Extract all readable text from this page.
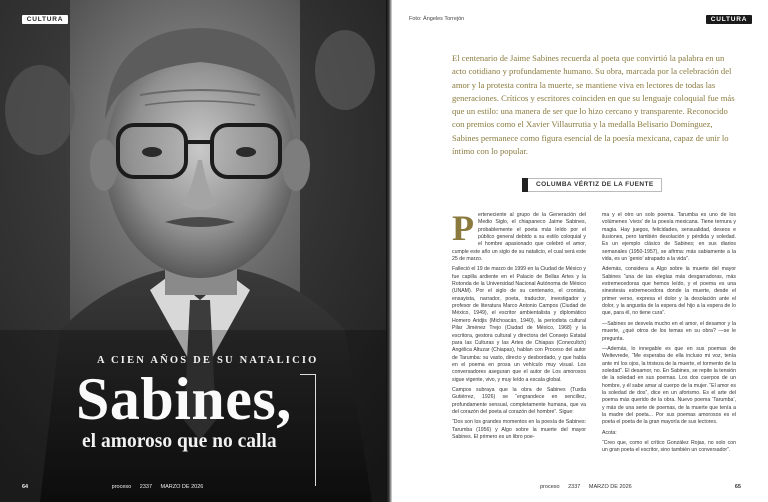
CULTURA
A CIEN AÑOS DE SU NATALICIO
Sabines,
el amoroso que no calla
64	proceso 2337 MARZO DE 2026
Foto: Ángeles Torrejón	CULTURA
El centenario de Jaime Sabines recuerda al poeta que convirtió la palabra en un acto cotidiano y profundamente humano. Su obra, marcada por la celebración del amor y la protesta contra la muerte, se mantiene viva en lectores de todas las generaciones. Críticos y escritores coinciden en que su lenguaje coloquial fue más que un estilo: una manera de ser que lo hizo cercano y transparente. Reconocido con premios como el Xavier Villaurrutia y la medalla Belisario Domínguez, Sabines permanece como figura esencial de la poesía mexicana, capaz de unir lo íntimo con lo popular.
COLUMBA VÉRTIZ DE LA FUENTE

Perteneciente al grupo de la Generación del Medio Siglo, el chiapaneco Jaime Sabines, probablemente el poeta más leído por el público general debido a su estilo coloquial y el hombre apasionado que celebró el amor, cumple este año un siglo de su natalicio, el cual será este 25 de marzo.

Falleció el 19 de marzo de 1999 en la Ciudad de México y fue capilla ardiente en el Palacio de Bellas Artes y la Rotonda de la Universidad Nacional Autónoma de México (UNAM). Por el siglo de su centenario, el cronista, ensayista, narrador, poeta, traductor, investigador y profesor de literatura Marco Antonio Campos (Ciudad de México, 1949), el escritor ambientalista y diplomático Homero Aridjis (Michoacán, 1940), la periodista cultural Pilar Jiménez Trejo (Ciudad de México, 1968) y la escritora, gestora cultural y directora del Consejo Estatal para las Culturas y las Artes de Chiapas (Conecultch) Angélica Altuzar (Chiapas), hablan con Proceso del autor de Tarumba: su vasto, directo y desbordado, y que habla en el poema en prosa un vehículo muy visual. Los conversadores aseguran que el autor de Los amorosos sigue vigente, vivo, y muy leído a escala global.

Campos subraya que la obra de Sabines (Tuxtla Gutiérrez, 1926) se “engrandece en sencillez, profundamente sensual, completamente humana, que va del corazón del poeta al corazón del hombre”. Sigue:

“Dos son los grandes momentos en la poesía de Sabines: Tarumba (1956) y Algo sobre la muerte del mayor Sabines. El primero es un libro poe-

ma y el otro un solo poema. Tarumba es uno de los volúmenes ‘vivos’ de la poesía mexicana. Tiene ternura y magia. Hay juegos, felicidades, sensualidad, deseos e ilusiones, pero también desolación y pérdida y soledad. Es un ejemplo clásico de Sabines; en sus diarios semanales (1950-1957), se afirma: más sabiamente a la vida, es un ‘genio’ atrapado a la vida”.

Además, considera a Algo sobre la muerte del mayor Sabines “una de las elegías más desgarradoras, más estremecedoras que hemos leído, y el poema es una sinestesia estremecedora donde la muerte, desde el primer verso, expresa el dolor y la desolación ante el dolor, y la angustia de la espera del hijo a la espera de lo que, para él, no tiene cura”.

—Sabines se desvela mucho en el amor, el desamor y la muerte, ¿qué otros de los temas en su obra? —se le pregunta.

—Además, lo innegable es que en sus poemas de Weltevrede, “Me esperaba de ella incluso mi voz, tenía ante mí los ojos, la tristeza de la muerte, el tormento de la soledad”. El desamor, no. En Sabines, se repite la tensión de la soledad en sus poemas. Los dos cuerpos de un hombre, y él sabe amar al cuerpo de la mujer. “El amor es la soledad de dos”, dice en un aforismo. Es el arte del poema más querido de la obra. Nuevo poema ‘Tarumba’, y más de una serie de poemas, de la muerte que tenía a la madre del poeta... Por sus poemas amorosos es el poeta el poeta de la gran mayoría de sus lectores.

Acota:

“Creo que, como el crítico González Rojas, no solo con un gran poeta el escritor, sino también un conversador”.

proceso 2337 MARZO DE 2026	65
